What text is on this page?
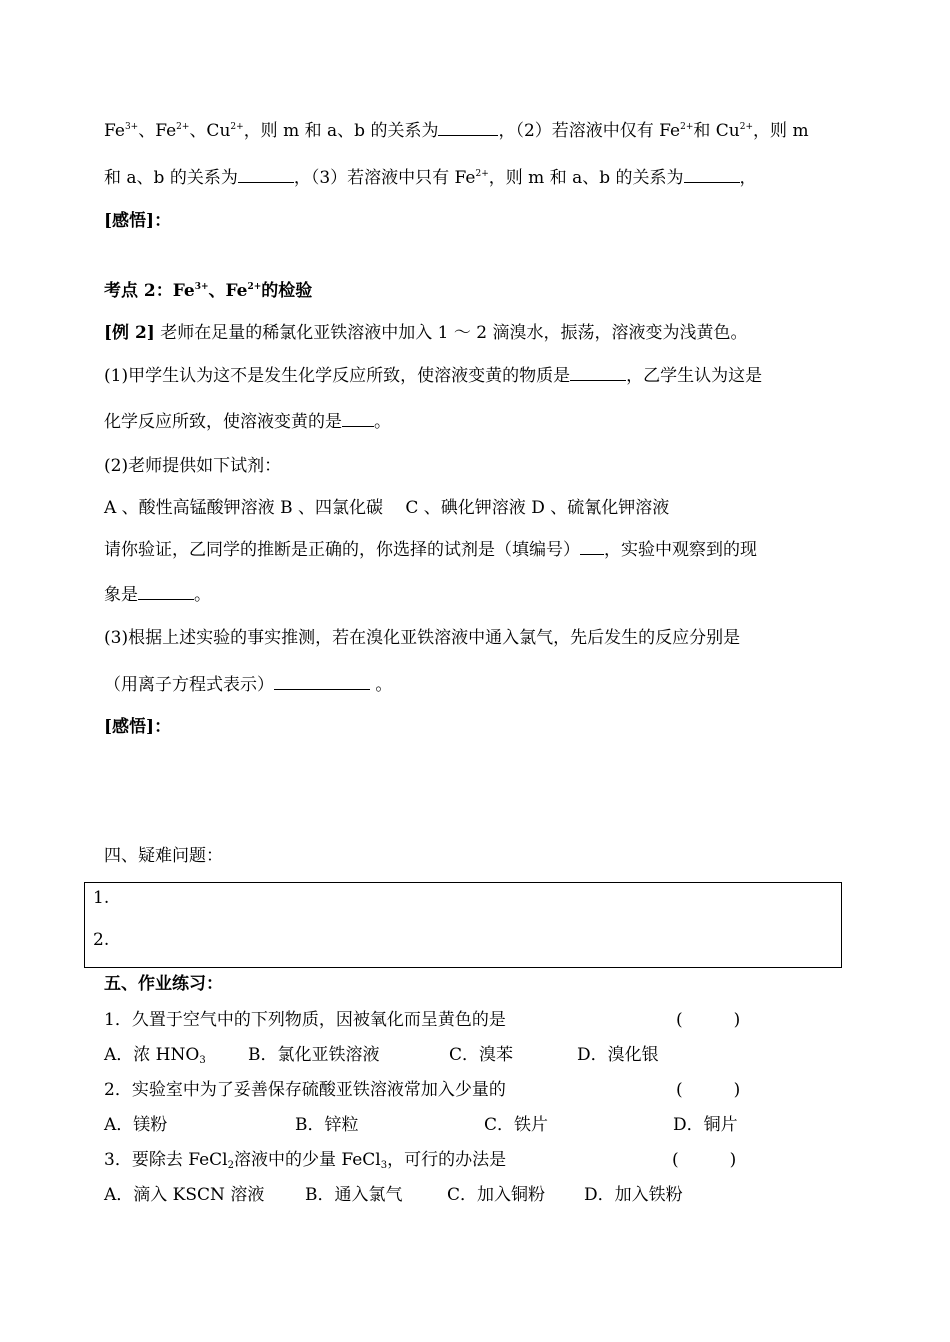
$Fe^{3+}$、$Fe^{2+}$、$Cu^{2+}$，则 m 和 a、b 的关系为	，（2）若溶液中仅有 $Fe^{2+}$和 $Cu^{2+}$，则 m
和 a、b 的关系为	，（3）若溶液中只有 $Fe^{2+}$，则 m 和 a、b 的关系为	，
[感悟]：
考点 2：$Fe^{3+}$、$Fe^{2+}$的检验
[例 2] 老师在足量的稀氯化亚铁溶液中加入 1 ～ 2 滴溴水，振荡，溶液变为浅黄色。
(1)甲学生认为这不是发生化学反应所致，使溶液变黄的物质是	，乙学生认为这是
化学反应所致，使溶液变黄的是 。
(2)老师提供如下试剂：
A 、酸性高锰酸钾溶液 B 、四氯化碳　 C 、碘化钾溶液 D 、硫氰化钾溶液
请你验证，乙同学的推断是正确的，你选择的试剂是（填编号） ，实验中观察到的现
象是	。
(3)根据上述实验的事实推测，若在溴化亚铁溶液中通入氯气，先后发生的反应分别是
（用离子方程式表示）	。
[感悟]：
四、疑难问题：
1.
2.
五、作业练习：
1．久置于空气中的下列物质，因被氧化而呈黄色的是	(　　　)
A．浓 $HNO_3$ B．氯化亚铁溶液	C．溴苯	D．溴化银
2．实验室中为了妥善保存硫酸亚铁溶液常加入少量的	(　　　)
A．镁粉	B．锌粒	C．铁片	D．铜片
3．要除去 FeCl$_2$溶液中的少量 FeCl$_3$，可行的办法是	(　　　)
A．滴入 KSCN 溶液 B．通入氯气	C．加入铜粉 D．加入铁粉
